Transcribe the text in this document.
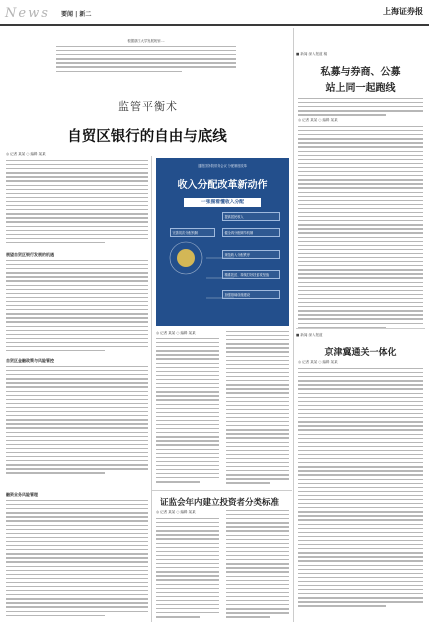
News 要闻 | 新二	上海证券报
根据浙江大学发展规划 ...
监管平衡术
自贸区银行的自由与底线
◎ 记者 某某 ○ 编辑 某某
展望自贸区银行发展的机遇
自贸区金融政策与风险管控
融资业务风险管理
通报国务院常务会议 分配制度改革
收入分配改革新动作
一张图看懂收入分配
提高居民收入
完善初次分配机制	健全再分配调节机制
规范收入分配秩序
精准扶贫、持续打好扶贫攻坚战
加强基础设施建设
◎ 记者 某某 ○ 编辑 某某
证监会年内建立投资者分类标准
◎ 记者 某某 ○ 编辑 某某
■ 新闻 深入报道 稿
私募与券商、公募
站上同一起跑线
◎ 记者 某某 ○ 编辑 某某
■ 新闻 深入报道
京津冀通关一体化
◎ 记者 某某 ○ 编辑 某某
